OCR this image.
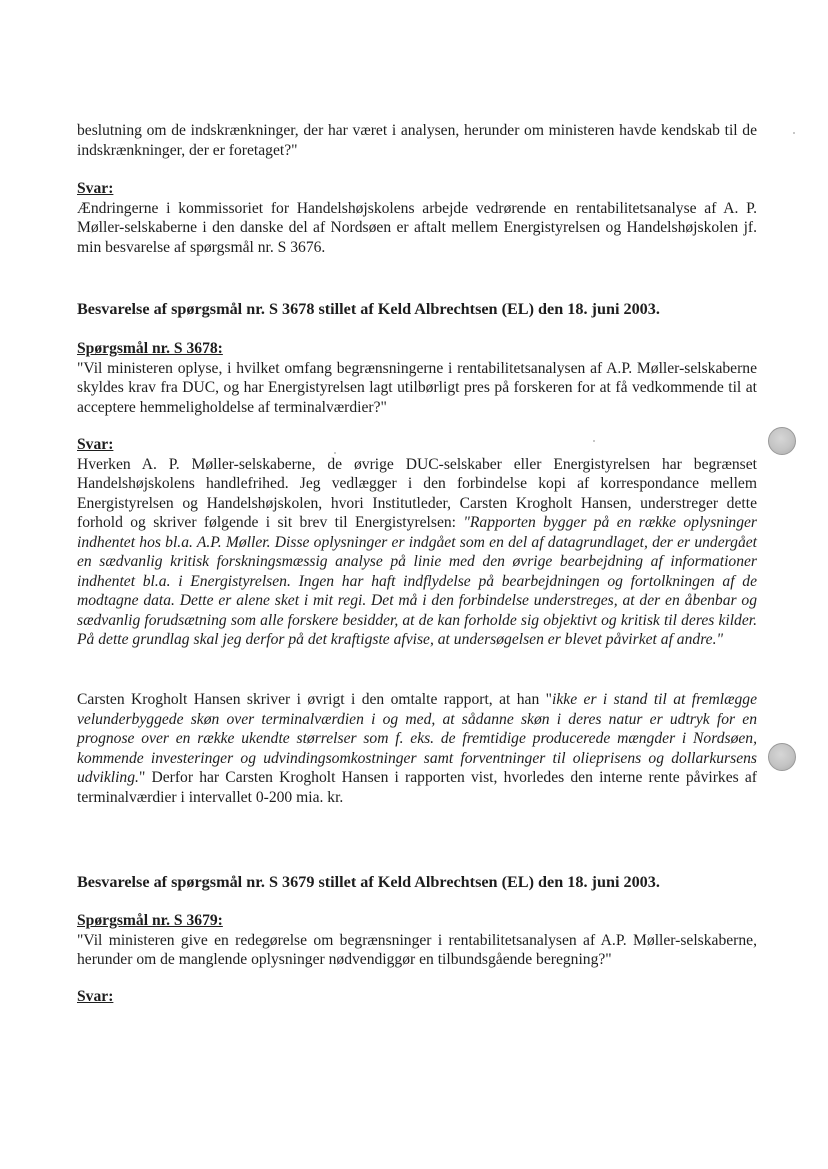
beslutning om de indskrænkninger, der har været i analysen, herunder om ministeren havde kendskab til de indskrænkninger, der er foretaget?"

Svar:

Ændringerne i kommissoriet for Handelshøjskolens arbejde vedrørende en rentabilitetsanalyse af A. P. Møller-selskaberne i den danske del af Nordsøen er aftalt mellem Energistyrelsen og Handelshøjskolen jf. min besvarelse af spørgsmål nr. S 3676.

Besvarelse af spørgsmål nr. S 3678 stillet af Keld Albrechtsen (EL) den 18. juni 2003.
Spørgsmål nr. S 3678:

"Vil ministeren oplyse, i hvilket omfang begrænsningerne i rentabilitetsanalysen af A.P. Møller-selskaberne skyldes krav fra DUC, og har Energistyrelsen lagt utilbørligt pres på forskeren for at få vedkommende til at acceptere hemmeligholdelse af terminalværdier?"

Svar:

Hverken A. P. Møller-selskaberne, de øvrige DUC-selskaber eller Energistyrelsen har begrænset Handelshøjskolens handlefrihed. Jeg vedlægger i den forbindelse kopi af korrespondance mellem Energistyrelsen og Handelshøjskolen, hvori Institutleder, Carsten Krogholt Hansen, understreger dette forhold og skriver følgende i sit brev til Energistyrelsen: "Rapporten bygger på en række oplysninger indhentet hos bl.a. A.P. Møller. Disse oplysninger er indgået som en del af datagrundlaget, der er undergået en sædvanlig kritisk forskningsmæssig analyse på linie med den øvrige bearbejdning af informationer indhentet bl.a. i Energistyrelsen. Ingen har haft indflydelse på bearbejdningen og fortolkningen af de modtagne data. Dette er alene sket i mit regi. Det må i den forbindelse understreges, at der en åbenbar og sædvanlig forudsætning som alle forskere besidder, at de kan forholde sig objektivt og kritisk til deres kilder. På dette grundlag skal jeg derfor på det kraftigste afvise, at undersøgelsen er blevet påvirket af andre."

Carsten Krogholt Hansen skriver i øvrigt i den omtalte rapport, at han "ikke er i stand til at fremlægge velunderbyggede skøn over terminalværdien i og med, at sådanne skøn i deres natur er udtryk for en prognose over en række ukendte størrelser som f. eks. de fremtidige producerede mængder i Nordsøen, kommende investeringer og udvindingsomkostninger samt forventninger til olieprisens og dollarkursens udvikling." Derfor har Carsten Krogholt Hansen i rapporten vist, hvorledes den interne rente påvirkes af terminalværdier i intervallet 0-200 mia. kr.

Besvarelse af spørgsmål nr. S 3679 stillet af Keld Albrechtsen (EL) den 18. juni 2003.
Spørgsmål nr. S 3679:

"Vil ministeren give en redegørelse om begrænsninger i rentabilitetsanalysen af A.P. Møller-selskaberne, herunder om de manglende oplysninger nødvendiggør en tilbundsgående beregning?"

Svar:
